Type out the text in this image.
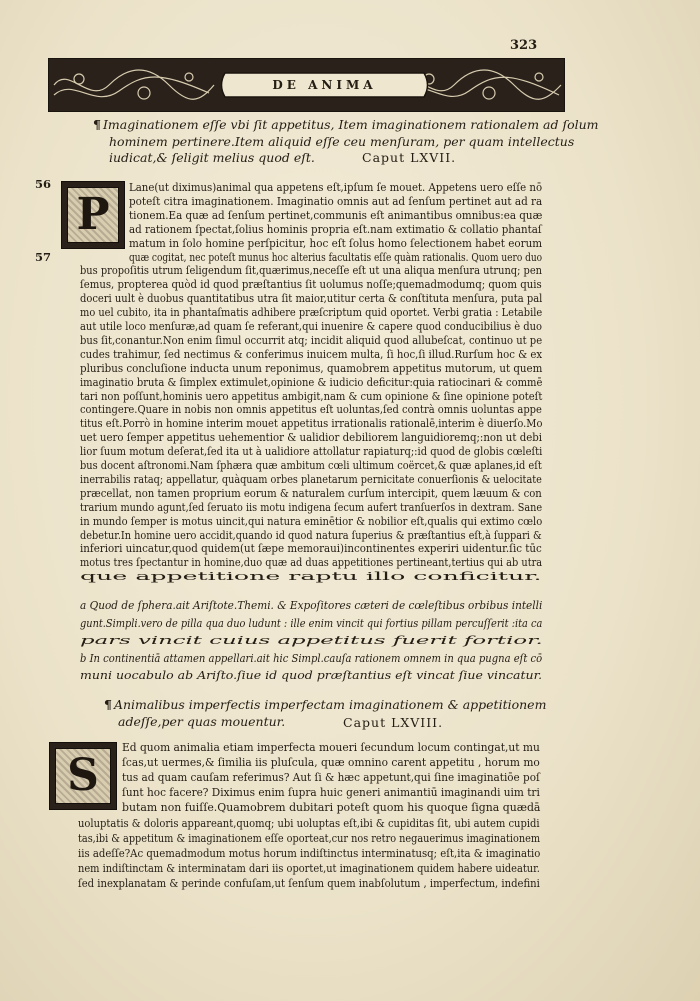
323
DE ANIMA
¶ Imaginationem eſſe vbi ſit appetitus, Item imaginationem rationalem ad ſolum
hominem pertinere.Item aliquid eſſe ceu menſuram, per quam intellectus
iudicat,& ſeligit melius quod eſt.	Caput LXVII.
56
57
P
Lane(ut diximus)animal qua appetens eſt,ipſum ſe mouet. Appetens uero eſſe nō
poteſt citra imaginationem. Imaginatio omnis aut ad ſenſum pertinet aut ad ra
tionem.Ea quæ ad ſenſum pertinet,communis eſt animantibus omnibus:ea quæ
ad rationem ſpectat,ſolius hominis propria eſt.nam extimatio & collatio phantaſ
matum in ſolo homine perſpicitur, hoc eſt ſolus homo ſelectionem habet eorum
quæ cogitat, nec poteſt munus hoc alterius facultatis eſſe quàm rationalis. Quom uero duo
bus propoſitis utrum ſeligendum ſit,quærimus,neceſſe eſt ut una aliqua menſura utrunq; pen
ſemus, propterea quòd id quod præſtantius ſit uolumus noſſe;quemadmodumq; quom quis
doceri uult è duobus quantitatibus utra ſit maior,utitur certa & conſtituta menſura, puta pal
mo uel cubito, ita in phantaſmatis adhibere præſcriptum quid oportet. Verbi gratia : Letabile
aut utile loco menſuræ,ad quam ſe referant,qui inuenire & capere quod conducibilius è duo
bus ſit,conantur.Non enim ſimul occurrit atq; incidit aliquid quod allubeſcat, continuo ut pe
cudes trahimur, ſed nectimus & conferimus inuicem multa, ſi hoc,ſi illud.Rurſum hoc & ex
pluribus concluſione inducta unum reponimus, quamobrem appetitus mutorum, ut quem
imaginatio bruta & ſimplex extimulet,opinione & iudicio deficitur:quia ratiocinari & commē
tari non poſſunt,hominis uero appetitus ambigit,nam & cum opinione & ſine opinione poteſt
contingere.Quare in nobis non omnis appetitus eſt uoluntas,ſed contrà omnis uoluntas appe
titus eſt.Porrò in homine interim mouet appetitus irrationalis rationalē,interim è diuerſo.Mo
uet uero ſemper appetitus uehementior & ualidior debiliorem languidioremq;:non ut debi
lior ſuum motum deſerat,ſed ita ut à ualidiore attollatur rapiaturq;:id quod de globis cœleſti
bus docent aſtronomi.Nam ſphæra quæ ambitum cœli ultimum coërcet,& quæ aplanes,id eſt
inerrabilis rataq; appellatur, quàquam orbes planetarum pernicitate conuerſionis & uelocitate
præcellat, non tamen proprium eorum & naturalem curſum intercipit, quem læuum & con
trarium mundo agunt,ſed ſeruato iis motu indigena ſecum aufert tranſuerſos in dextram. Sane
in mundo ſemper is motus uincit,qui natura eminētior & nobilior eſt,qualis qui extimo cœlo
debetur.In homine uero accidit,quando id quod natura ſuperius & præſtantius eſt,à ſuppari &
inferiori uincatur,quod quidem(ut ſæpe memoraui)incontinentes experiri uidentur.ſic tūc
motus tres ſpectantur in homine,duo quæ ad duas appetitiones pertineant,tertius qui ab utra
que appetitione raptu illo conficitur.
a Quod de ſphera.ait Ariſtote.Themi. & Expoſitores cæteri de cœleſtibus orbibus intelli
gunt.Simpli.vero de pilla qua duo ludunt : ille enim vincit qui fortius pillam percuſſerit :ita ca
pars vincit cuius appetitus fuerit fortior.
b In continentiā attamen appellari.ait hic Simpl.cauſa rationem omnem in qua pugna eſt cō
muni uocabulo ab Ariſto.ſiue id quod præſtantius eſt vincat ſiue vincatur.
¶ Animalibus imperfectis imperfectam imaginationem & appetitionem
adeſſe,per quas mouentur.	Caput LXVIII.
S
Ed quom animalia etiam imperfecta moueri ſecundum locum contingat,ut mu
ſcas,ut uermes,& ſimilia iis pluſcula, quæ omnino carent appetitu , horum mo
tus ad quam cauſam referimus? Aut ſi & hæc appetunt,qui ſine imaginatiōe poſ
ſunt hoc facere? Diximus enim ſupra huic generi animantiū imaginandi uim tri
butam non fuiſſe.Quamobrem dubitari poteſt quom his quoque ſigna quædā
uoluptatis & doloris appareant,quomq; ubi uoluptas eſt,ibi & cupiditas ſit, ubi autem cupidi
tas,ibi & appetitum & imaginationem eſſe oporteat,cur nos retro negauerimus imaginationem
iis adeſſe?Ac quemadmodum motus horum indiſtinctus interminatusq; eſt,ita & imaginatio
nem indiſtinctam & interminatam dari iis oportet,ut imaginationem quidem habere uideatur.
ſed inexplanatam & perinde confuſam,ut ſenſum quem inabſolutum , imperfectum, indefini
